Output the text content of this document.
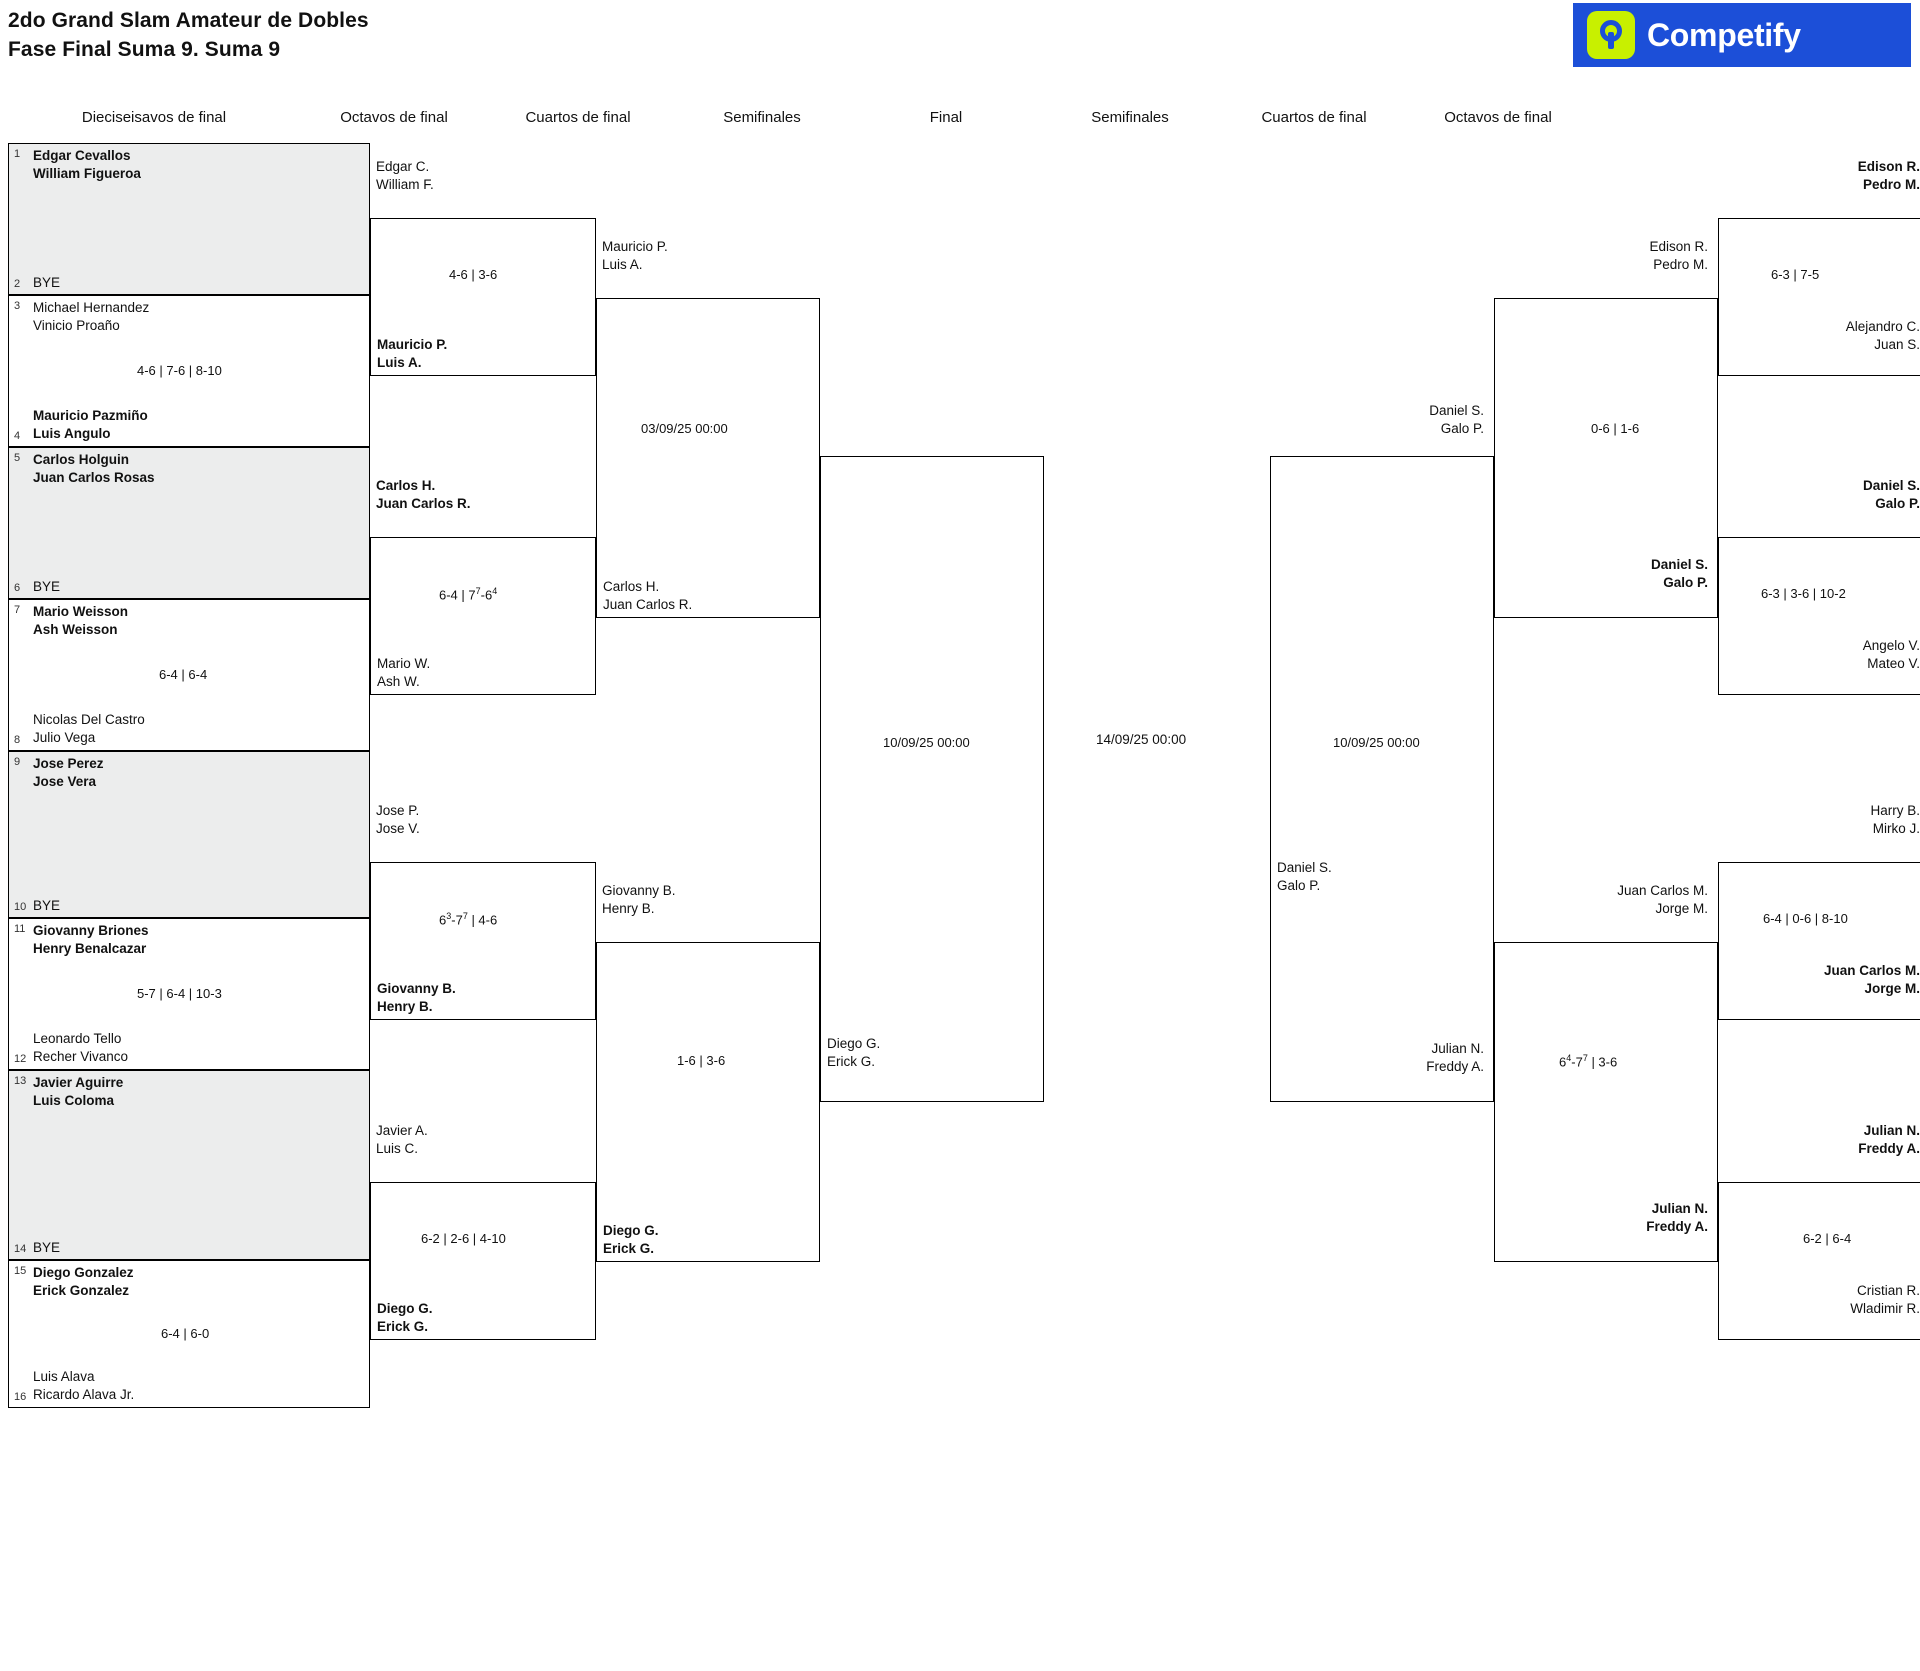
2do Grand Slam Amateur de Dobles
Fase Final Suma 9. Suma 9	Competify
Dieciseisavos de final	Octavos de final	Cuartos de final	Semifinales	Final	Semifinales	Cuartos de final	Octavos de final
1 Edgar Cevallos
William Figueroa
2 BYE
3 Michael Hernandez
Vinicio Proaño
4-6 | 7-6 | 8-10
4
Mauricio Pazmiño
Luis Angulo
5 Carlos Holguin
Juan Carlos Rosas
6 BYE
7 Mario Weisson
Ash Weisson
6-4 | 6-4
8
Nicolas Del Castro
Julio Vega
9 Jose Perez
Jose Vera
10 BYE
11 Giovanny Briones
Henry Benalcazar
5-7 | 6-4 | 10-3
12
Leonardo Tello
Recher Vivanco
13 Javier Aguirre
Luis Coloma
14 BYE
15 Diego Gonzalez
Erick Gonzalez
6-4 | 6-0
16
Luis Alava
Ricardo Alava Jr.
Edgar C.
William F.
4-6 | 3-6
Mauricio P.
Luis A.
Carlos H.
Juan Carlos R.
6-4 | $7^7-6^4$
Mario W.
Ash W.
Jose P.
Jose V.
$6^3-7^7$ | 4-6
Giovanny B.
Henry B.
Javier A.
Luis C.
6-2 | 2-6 | 4-10
Diego G.
Erick G.
Mauricio P.
Luis A.
03/09/25 00:00
Carlos H.
Juan Carlos R.
Giovanny B.
Henry B.
1-6 | 3-6
Diego G.
Erick G.
10/09/25 00:00
Diego G.
Erick G.
14/09/25 00:00	10/09/25 00:00
Daniel S.
Galo P.
Daniel S.
Galo P.
Julian N.
Freddy A.
0-6 | 1-6
Edison R.
Pedro M.
Daniel S.
Galo P.
$6^4-7^7$ | 3-6
Juan Carlos M.
Jorge M.
Julian N.
Freddy A.
6-3 | 7-5
Edison R.
Pedro M.
Alejandro C.
Juan S.
6-3 | 3-6 | 10-2
Daniel S.
Galo P.
Angelo V.
Mateo V.
6-4 | 0-6 | 8-10
Harry B.
Mirko J.
Juan Carlos M.
Jorge M.
6-2 | 6-4
Julian N.
Freddy A.
Cristian R.
Wladimir R.
